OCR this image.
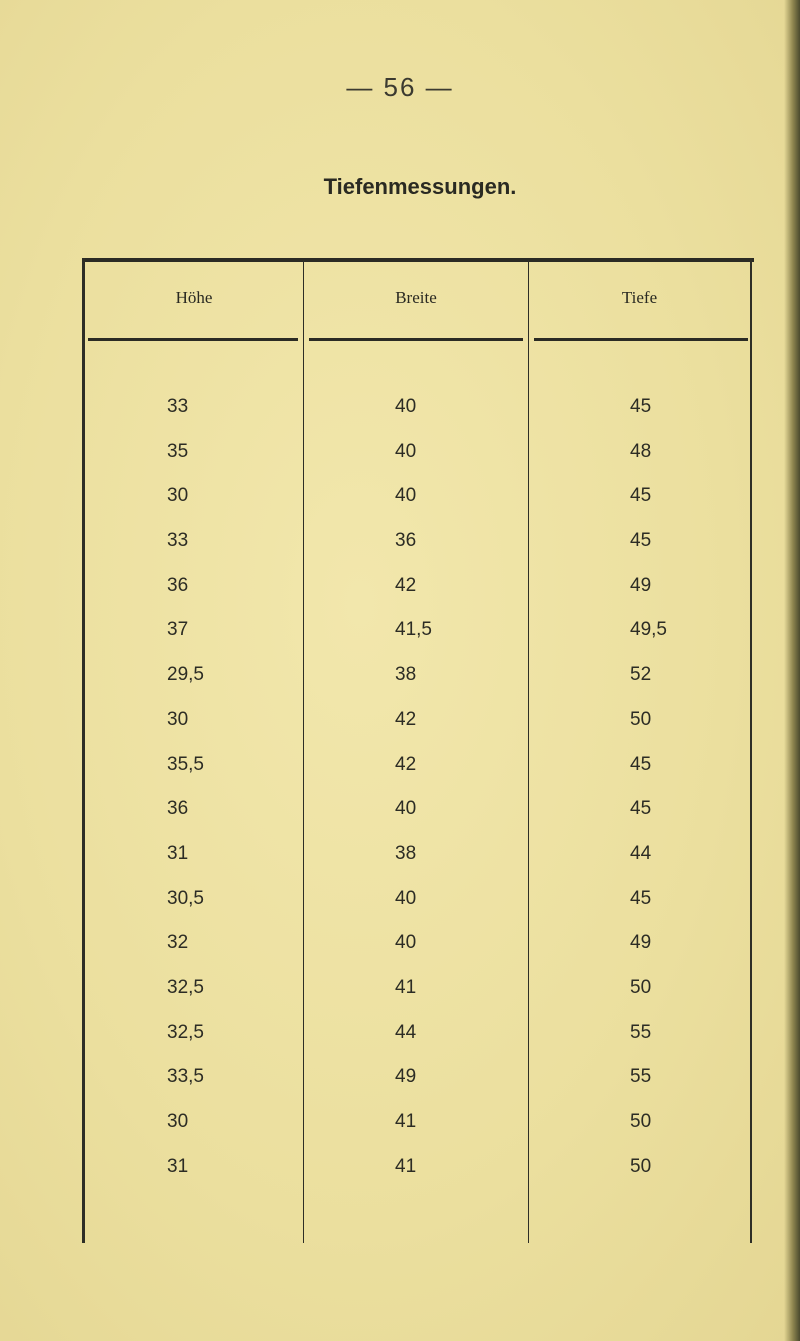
— 56 —
Tiefenmessungen.
Höhe	Breite	Tiefe
33	40	45
35	40	48
30	40	45
33	36	45
36	42	49
37	41,5	49,5
29,5	38	52
30	42	50
35,5	42	45
36	40	45
31	38	44
30,5	40	45
32	40	49
32,5	41	50
32,5	44	55
33,5	49	55
30	41	50
31	41	50
